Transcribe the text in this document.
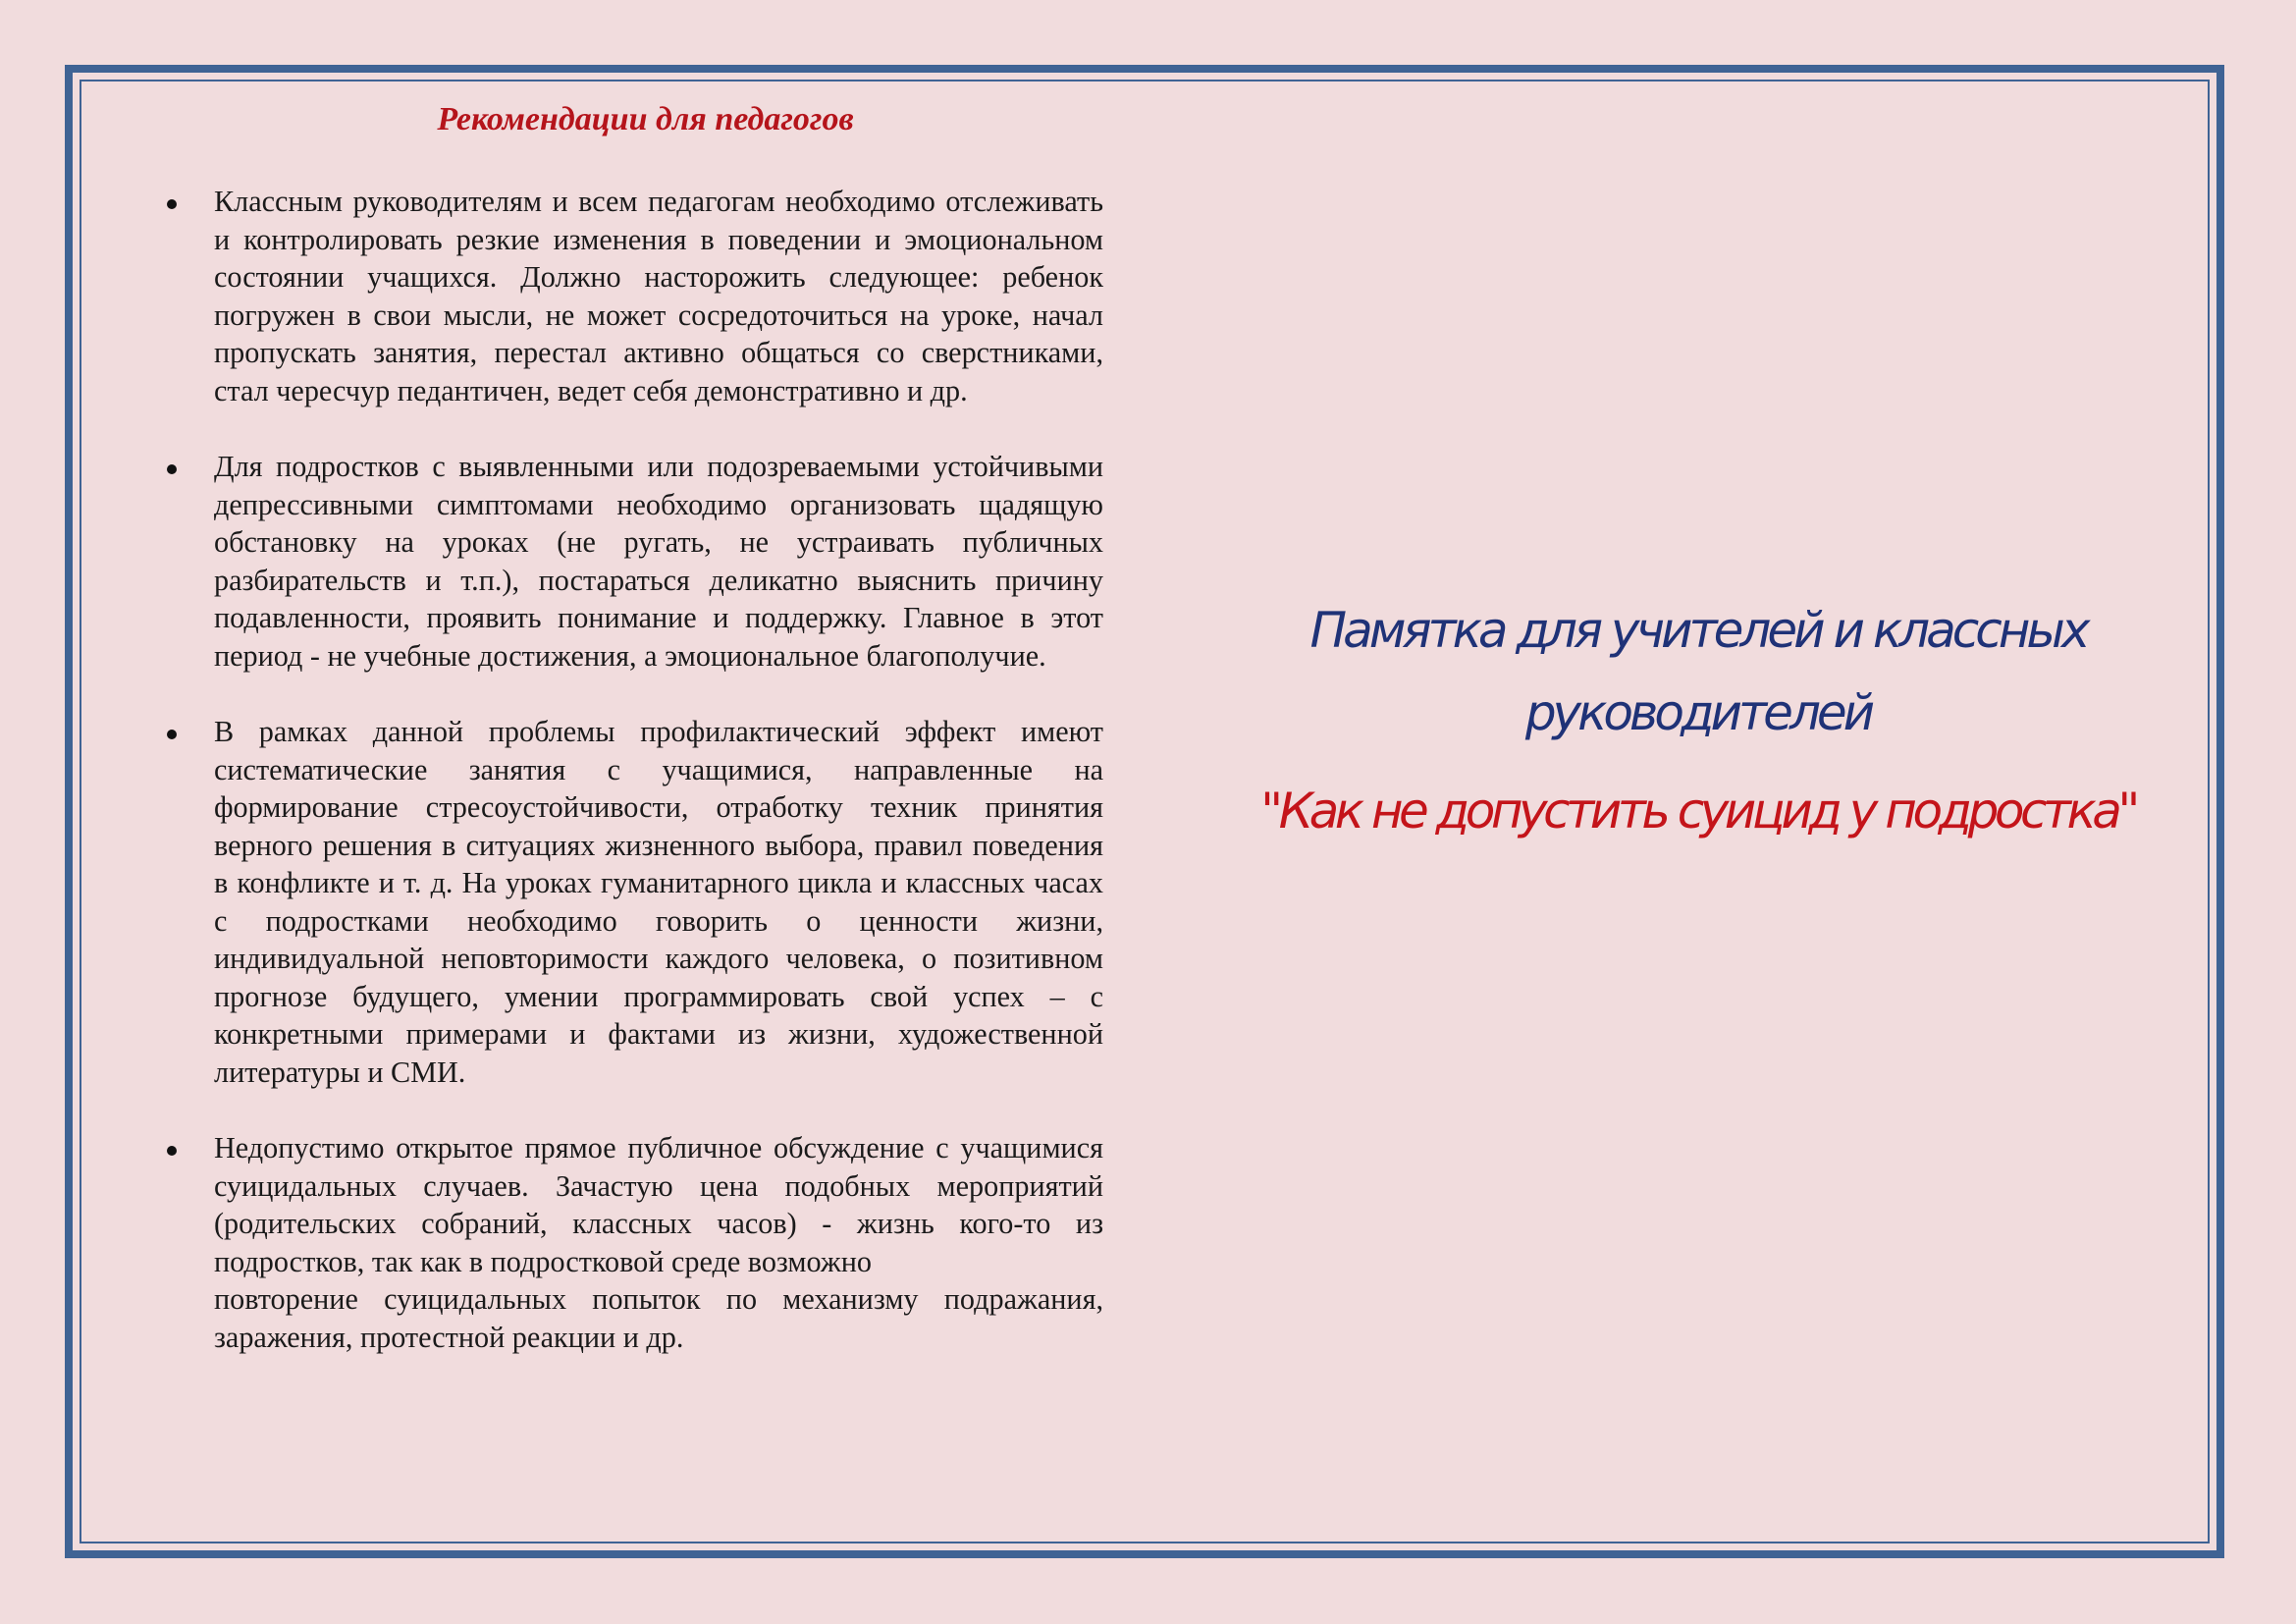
Рекомендации для педагогов
Классным руководителям и всем педагогам необходимо отслеживать и контролировать резкие изменения в поведении и эмоциональном состоянии учащихся. Должно насторожить следующее: ребенок погружен в свои мысли, не может сосредоточиться на уроке, начал пропускать занятия, перестал активно общаться со сверстниками, стал чересчур педантичен, ведет себя демонстративно и др.
Для подростков с выявленными или подозреваемыми устойчивыми депрессивными симптомами необходимо организовать щадящую обстановку на уроках (не ругать, не устраивать публичных разбирательств и т.п.), постараться деликатно выяснить причину подавленности, проявить понимание и поддержку. Главное в этот период - не учебные достижения, а эмоциональное благополучие.
В рамках данной проблемы профилактический эффект имеют систематические занятия с учащимися, направленные на формирование стресоустойчивости, отработку техник принятия верного решения в ситуациях жизненного выбора, правил поведения в конфликте и т. д. На уроках гуманитарного цикла и классных часах с подростками необходимо говорить о ценности жизни, индивидуальной неповторимости каждого человека, о позитивном прогнозе будущего, умении программировать свой успех – с конкретными примерами и фактами из жизни, художественной литературы и СМИ.
Недопустимо открытое прямое публичное обсуждение с учащимися суицидальных случаев. Зачастую цена подобных мероприятий (родительских собраний, классных часов) - жизнь кого-то из подростков, так как в подростковой среде возможно
повторение суицидальных попыток по механизму подражания, заражения, протестной реакции и др.
Памятка для учителей и классных руководителей
"Как не допустить суицид у подростка"
